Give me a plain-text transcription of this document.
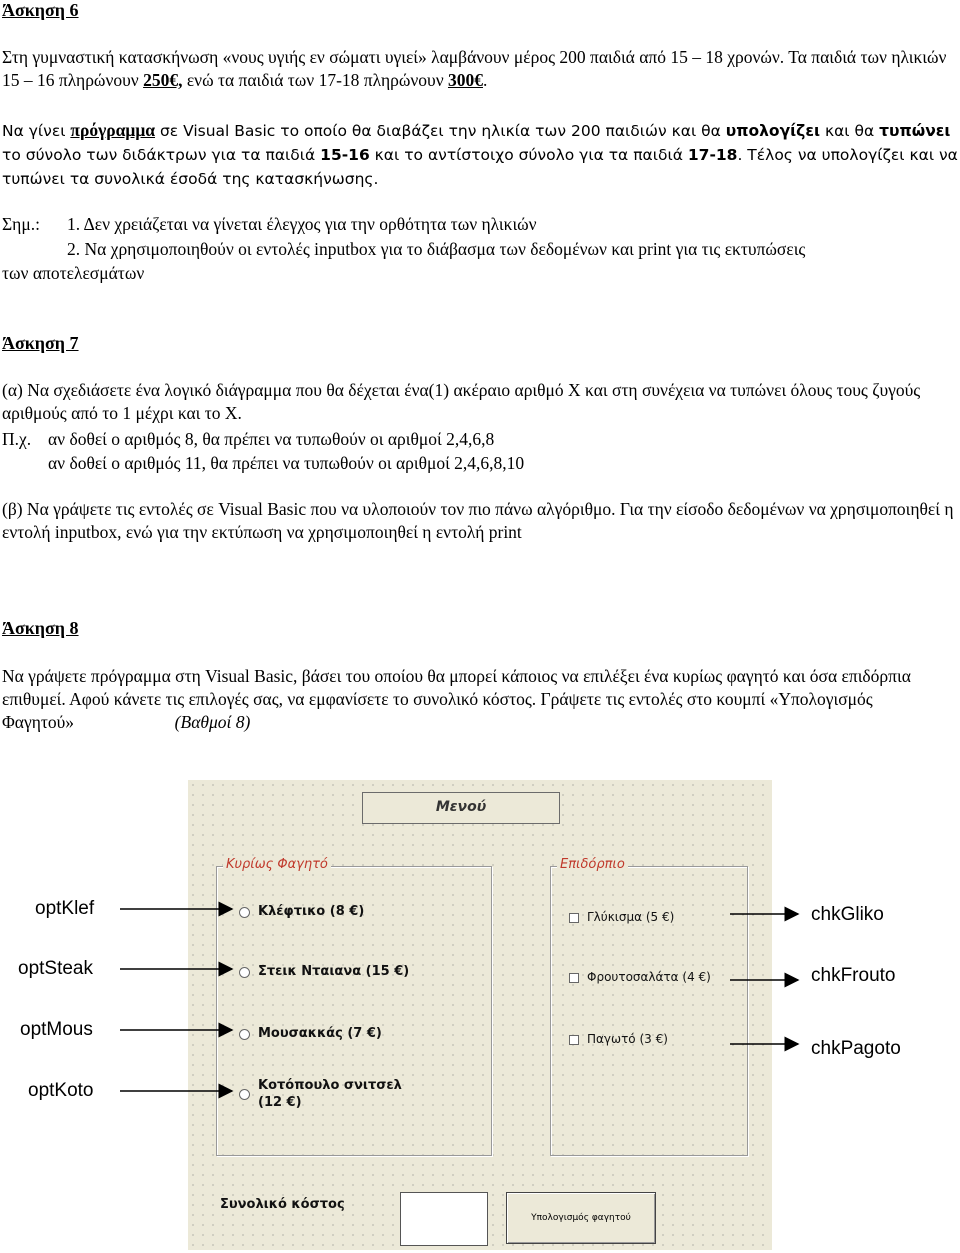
Άσκηση 6
Στη γυμναστική κατασκήνωση «νους υγιής εν σώματι υγιεί» λαμβάνουν μέρος 200 παιδιά από 15 – 18 χρονών. Τα παιδιά των ηλικιών 15 – 16 πληρώνουν 250€, ενώ τα παιδιά των 17-18 πληρώνουν 300€.
Να γίνει πρόγραμμα σε Visual Basic το οποίο θα διαβάζει την ηλικία των 200 παιδιών και θα υπολογίζει και θα τυπώνει το σύνολο των διδάκτρων για τα παιδιά 15-16 και το αντίστοιχο σύνολο για τα παιδιά 17-18. Τέλος να υπολογίζει και να τυπώνει τα συνολικά έσοδά της κατασκήνωσης.
Σημ.: 1. Δεν χρειάζεται να γίνεται έλεγχος για την ορθότητα των ηλικιών
2. Να χρησιμοποιηθούν οι εντολές inputbox για το διάβασμα των δεδομένων και print για τις εκτυπώσεις
των αποτελεσμάτων
Άσκηση 7
(α) Να σχεδιάσετε ένα λογικό διάγραμμα που θα δέχεται ένα(1) ακέραιο αριθμό Χ και στη συνέχεια να τυπώνει όλους τους ζυγούς αριθμούς από το 1 μέχρι και το Χ.
Π.χ. αν δοθεί ο αριθμός 8, θα πρέπει να τυπωθούν οι αριθμοί 2,4,6,8
αν δοθεί ο αριθμός 11, θα πρέπει να τυπωθούν οι αριθμοί 2,4,6,8,10
(β) Να γράψετε τις εντολές σε Visual Basic που να υλοποιούν τον πιο πάνω αλγόριθμο. Για την είσοδο δεδομένων να χρησιμοποιηθεί η εντολή inputbox, ενώ για την εκτύπωση να χρησιμοποιηθεί η εντολή print
Άσκηση 8
Να γράψετε πρόγραμμα στη Visual Basic, βάσει του οποίου θα μπορεί κάποιος να επιλέξει ένα κυρίως φαγητό και όσα επιδόρπια επιθυμεί. Αφού κάνετε τις επιλογές σας, να εμφανίσετε το συνολικό κόστος. Γράψετε τις εντολές στο κουμπί «Υπολογισμός Φαγητού»	(Βαθμοί 8)
Μενού
Κυρίως Φαγητό
Κλέφτικο (8 €)
Στεικ Νταιανα (15 €)
Μουσακκάς (7 €)
Κοτόπουλο σνιτσελ
(12 €)
Επιδόρπιο
Γλύκισμα (5 €)
Φρουτοσαλάτα (4 €)
Παγωτό (3 €)
Συνολικό κόστος
Υπολογισμός φαγητού
optKlef
optSteak
optMous
optKoto
chkGliko
chkFrouto
chkPagoto
